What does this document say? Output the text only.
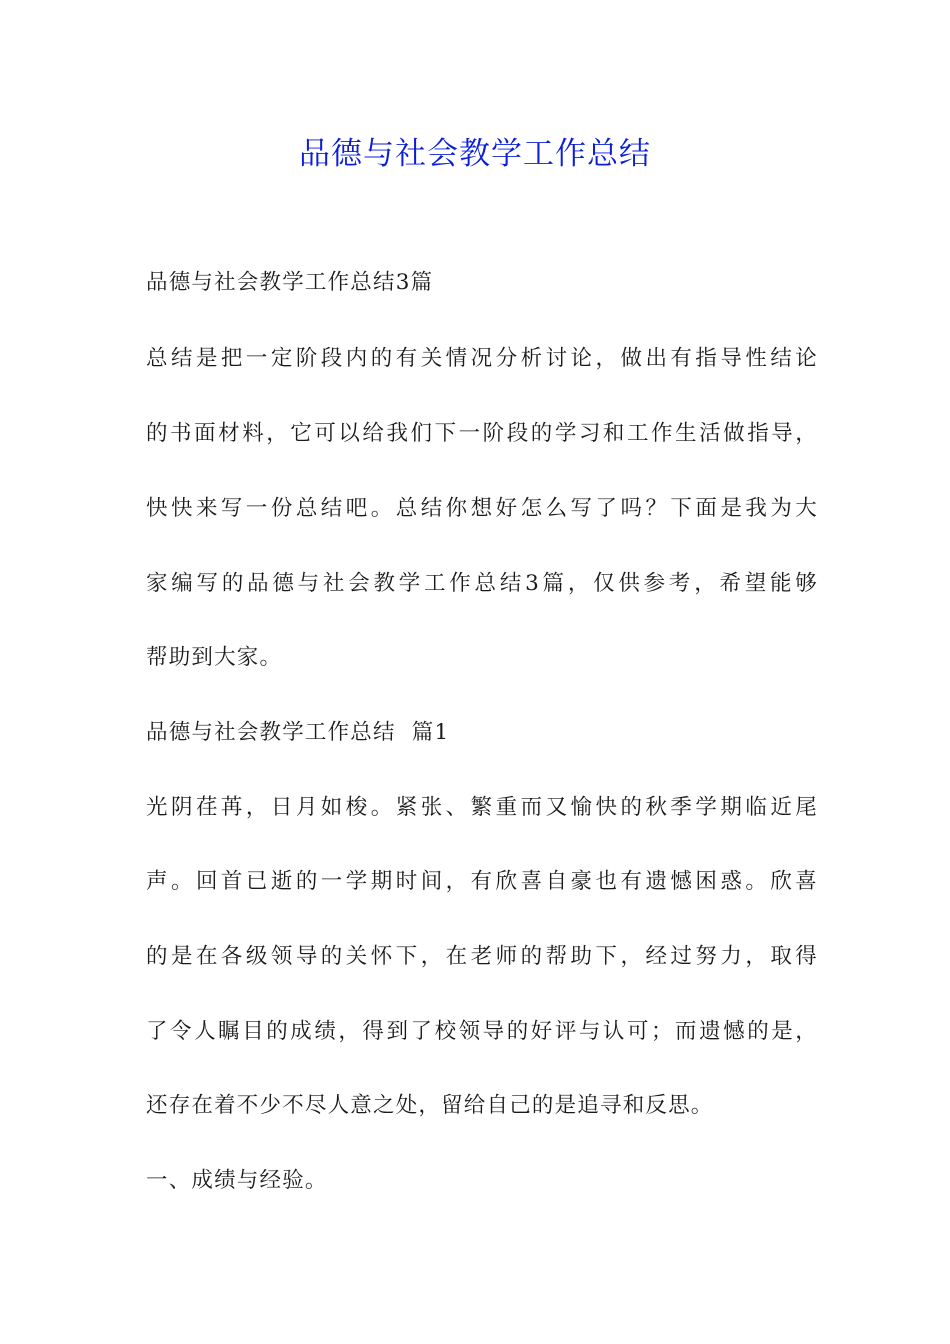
品德与社会教学工作总结
品德与社会教学工作总结3篇
总结是把一定阶段内的有关情况分析讨论，做出有指导性结论
的书面材料，它可以给我们下一阶段的学习和工作生活做指导，
快快来写一份总结吧。总结你想好怎么写了吗？下面是我为大
家编写的品德与社会教学工作总结3篇，仅供参考，希望能够
帮助到大家。
品德与社会教学工作总结  篇1
光阴荏苒，日月如梭。紧张、繁重而又愉快的秋季学期临近尾
声。回首已逝的一学期时间，有欣喜自豪也有遗憾困惑。欣喜
的是在各级领导的关怀下，在老师的帮助下，经过努力，取得
了令人瞩目的成绩，得到了校领导的好评与认可；而遗憾的是，
还存在着不少不尽人意之处，留给自己的是追寻和反思。
一、成绩与经验。
